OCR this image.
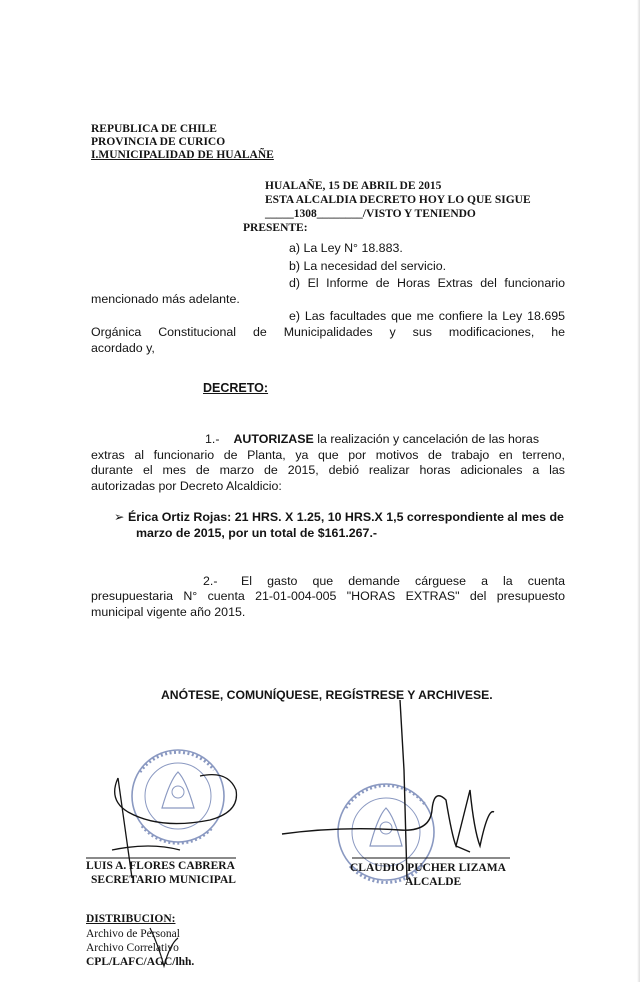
REPUBLICA DE CHILE
PROVINCIA DE CURICO
I.MUNICIPALIDAD DE HUALAÑE
HUALAÑE, 15 DE ABRIL DE 2015
ESTA ALCALDIA DECRETO HOY LO QUE SIGUE
_____1308________/VISTO Y TENIENDO
PRESENTE:
a) La Ley N° 18.883.
b) La necesidad del servicio.
d) El Informe de Horas Extras del funcionario
mencionado más adelante.
e) Las facultades que me confiere la Ley 18.695
Orgánica Constitucional de Municipalidades y sus modificaciones, he
acordado y,
DECRETO:
1.- AUTORIZASE la realización y cancelación de las horas
extras al funcionario de Planta, ya que por motivos de trabajo en terreno,
durante el mes de marzo de 2015, debió realizar horas adicionales a las
autorizadas por Decreto Alcaldicio:
➢ Érica Ortiz Rojas: 21 HRS. X 1.25, 10 HRS.X 1,5 correspondiente al mes de
marzo de 2015, por un total de $161.267.-
2.- El gasto que demande cárguese a la cuenta
presupuestaria N° cuenta 21-01-004-005 "HORAS EXTRAS" del presupuesto
municipal vigente año 2015.
ANÓTESE, COMUNÍQUESE, REGÍSTRESE Y ARCHIVESE.
LUIS A. FLORES CABRERA
SECRETARIO MUNICIPAL
CLAUDIO PUCHER LIZAMA
ALCALDE
DISTRIBUCION:
Archivo de Personal
Archivo Correlativo
CPL/LAFC/AGC/lhh.
